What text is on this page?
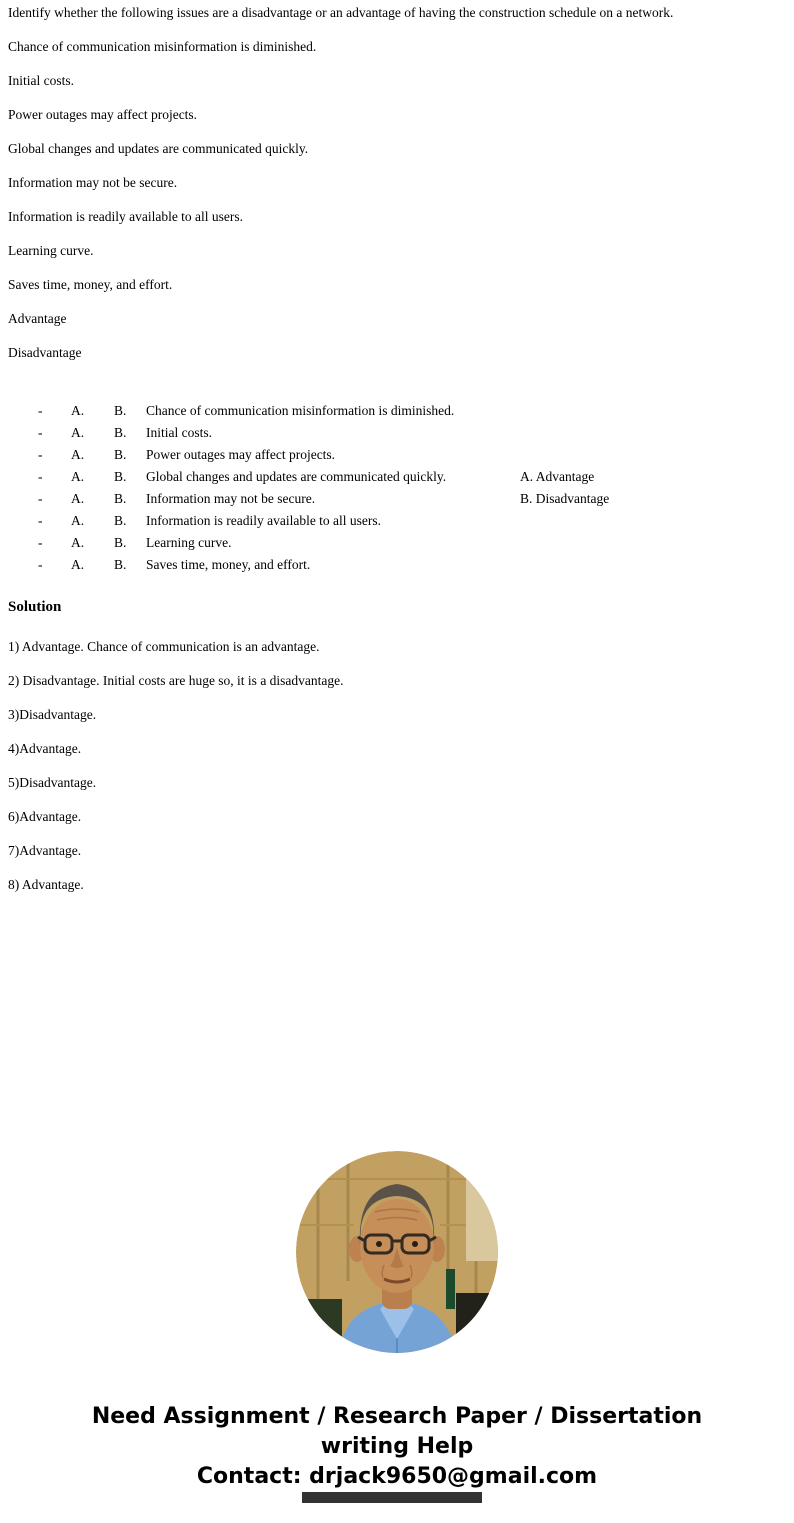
Identify whether the following issues are a disadvantage or an advantage of having the construction schedule on a network.

Chance of communication misinformation is diminished.

Initial costs.

Power outages may affect projects.

Global changes and updates are communicated quickly.

Information may not be secure.

Information is readily available to all users.

Learning curve.

Saves time, money, and effort.

Advantage

Disadvantage

-	A.	B.	Chance of communication misinformation is diminished.
-	A.	B.	Initial costs.
-	A.	B.	Power outages may affect projects.
-	A.	B.	Global changes and updates are communicated quickly.	A. Advantage
-	A.	B.	Information may not be secure.	B. Disadvantage
-	A.	B.	Information is readily available to all users.
-	A.	B.	Learning curve.
-	A.	B.	Saves time, money, and effort.
Solution

1) Advantage. Chance of communication is an advantage.

2) Disadvantage. Initial costs are huge so, it is a disadvantage.

3)Disadvantage.

4)Advantage.

5)Disadvantage.

6)Advantage.

7)Advantage.

8) Advantage.

Need Assignment / Research Paper / Dissertation
writing Help
Contact: drjack9650@gmail.com
